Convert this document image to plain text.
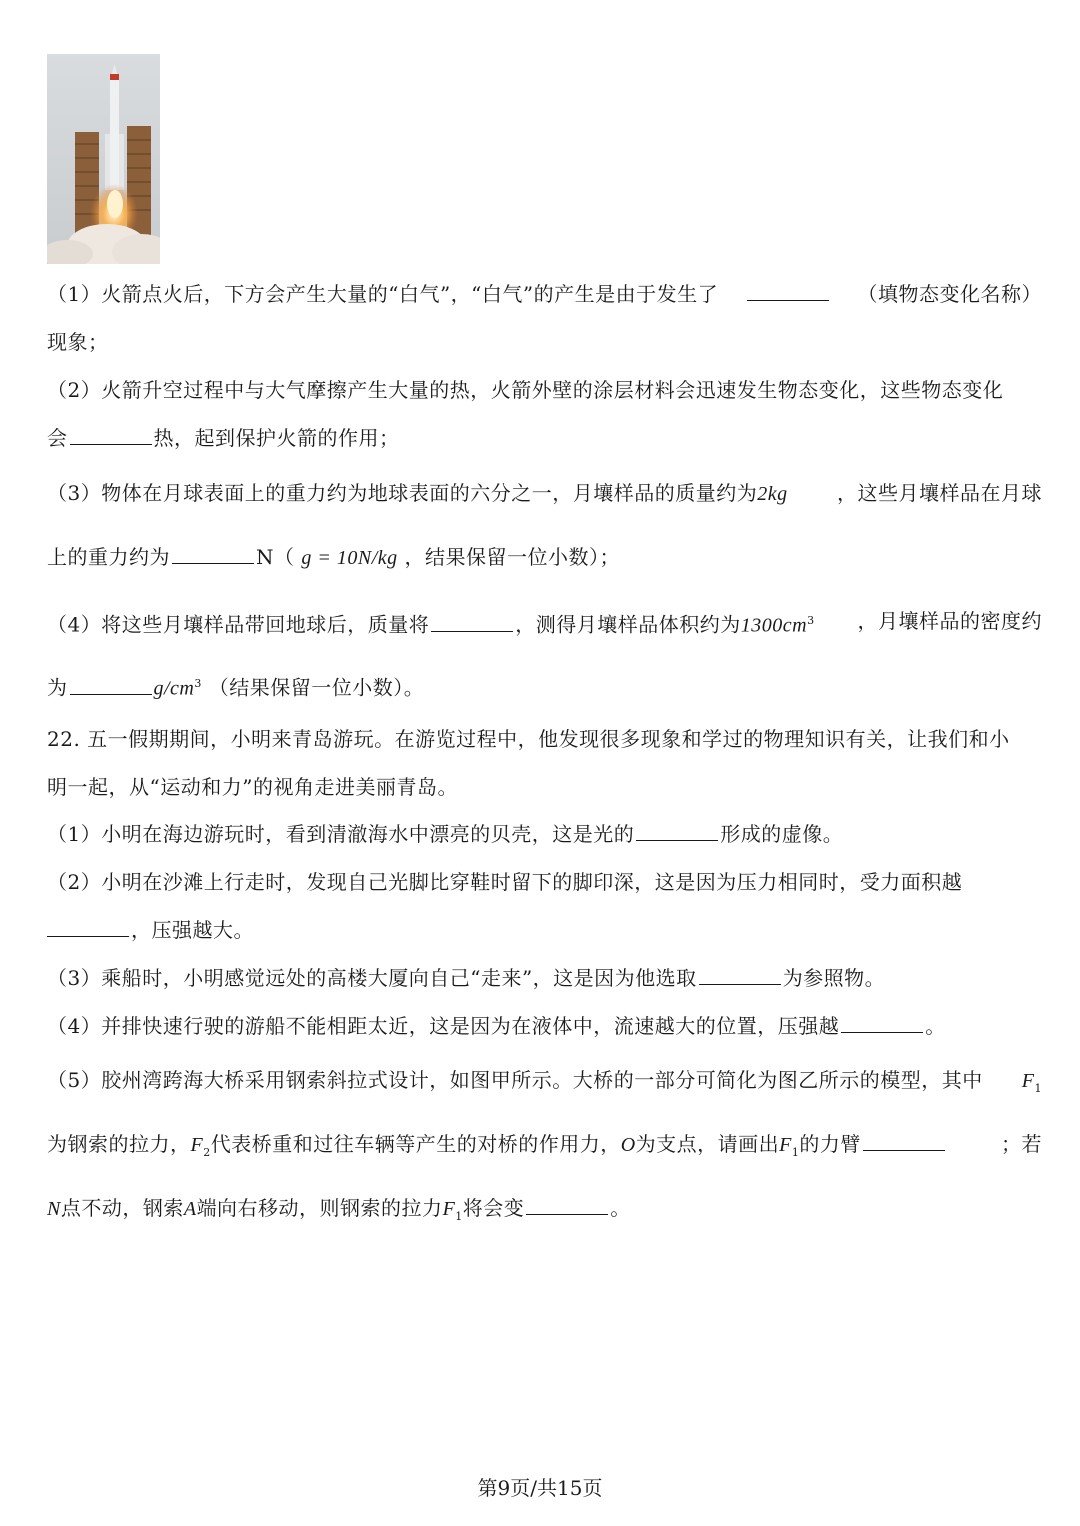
（1）火箭点火后，下方会产生大量的“白气”，“白气”的产生是由于发生了	（填物态变化名称）
现象；
（2）火箭升空过程中与大气摩擦产生大量的热，火箭外壁的涂层材料会迅速发生物态变化，这些物态变化
会	热，起到保护火箭的作用；
（3）物体在月球表面上的重力约为地球表面的六分之一，月壤样品的质量约为2kg ，这些月壤样品在月球
上的重力约为	N（ g = 10N/kg ，结果保留一位小数）；
（4）将这些月壤样品带回地球后，质量将	，测得月壤样品体积约为$1300cm^3$ ，月壤样品的密度约
为	$g/cm^3$ （结果保留一位小数）。
22. 五一假期期间，小明来青岛游玩。在游览过程中，他发现很多现象和学过的物理知识有关，让我们和小
明一起，从“运动和力”的视角走进美丽青岛。
（1）小明在海边游玩时，看到清澈海水中漂亮的贝壳，这是光的	形成的虚像。
（2）小明在沙滩上行走时，发现自己光脚比穿鞋时留下的脚印深，这是因为压力相同时，受力面积越
，压强越大。
（3）乘船时，小明感觉远处的高楼大厦向自己“走来”，这是因为他选取	为参照物。
（4）并排快速行驶的游船不能相距太近，这是因为在液体中，流速越大的位置，压强越	。
（5）胶州湾跨海大桥采用钢索斜拉式设计，如图甲所示。大桥的一部分可简化为图乙所示的模型，其中 $F_1$
为钢索的拉力，$F_2$代表桥重和过往车辆等产生的对桥的作用力，O为支点，请画出$F_1$的力臂	；若
N点不动，钢索A端向右移动，则钢索的拉力$F_1$将会变	。
第9页/共15页
